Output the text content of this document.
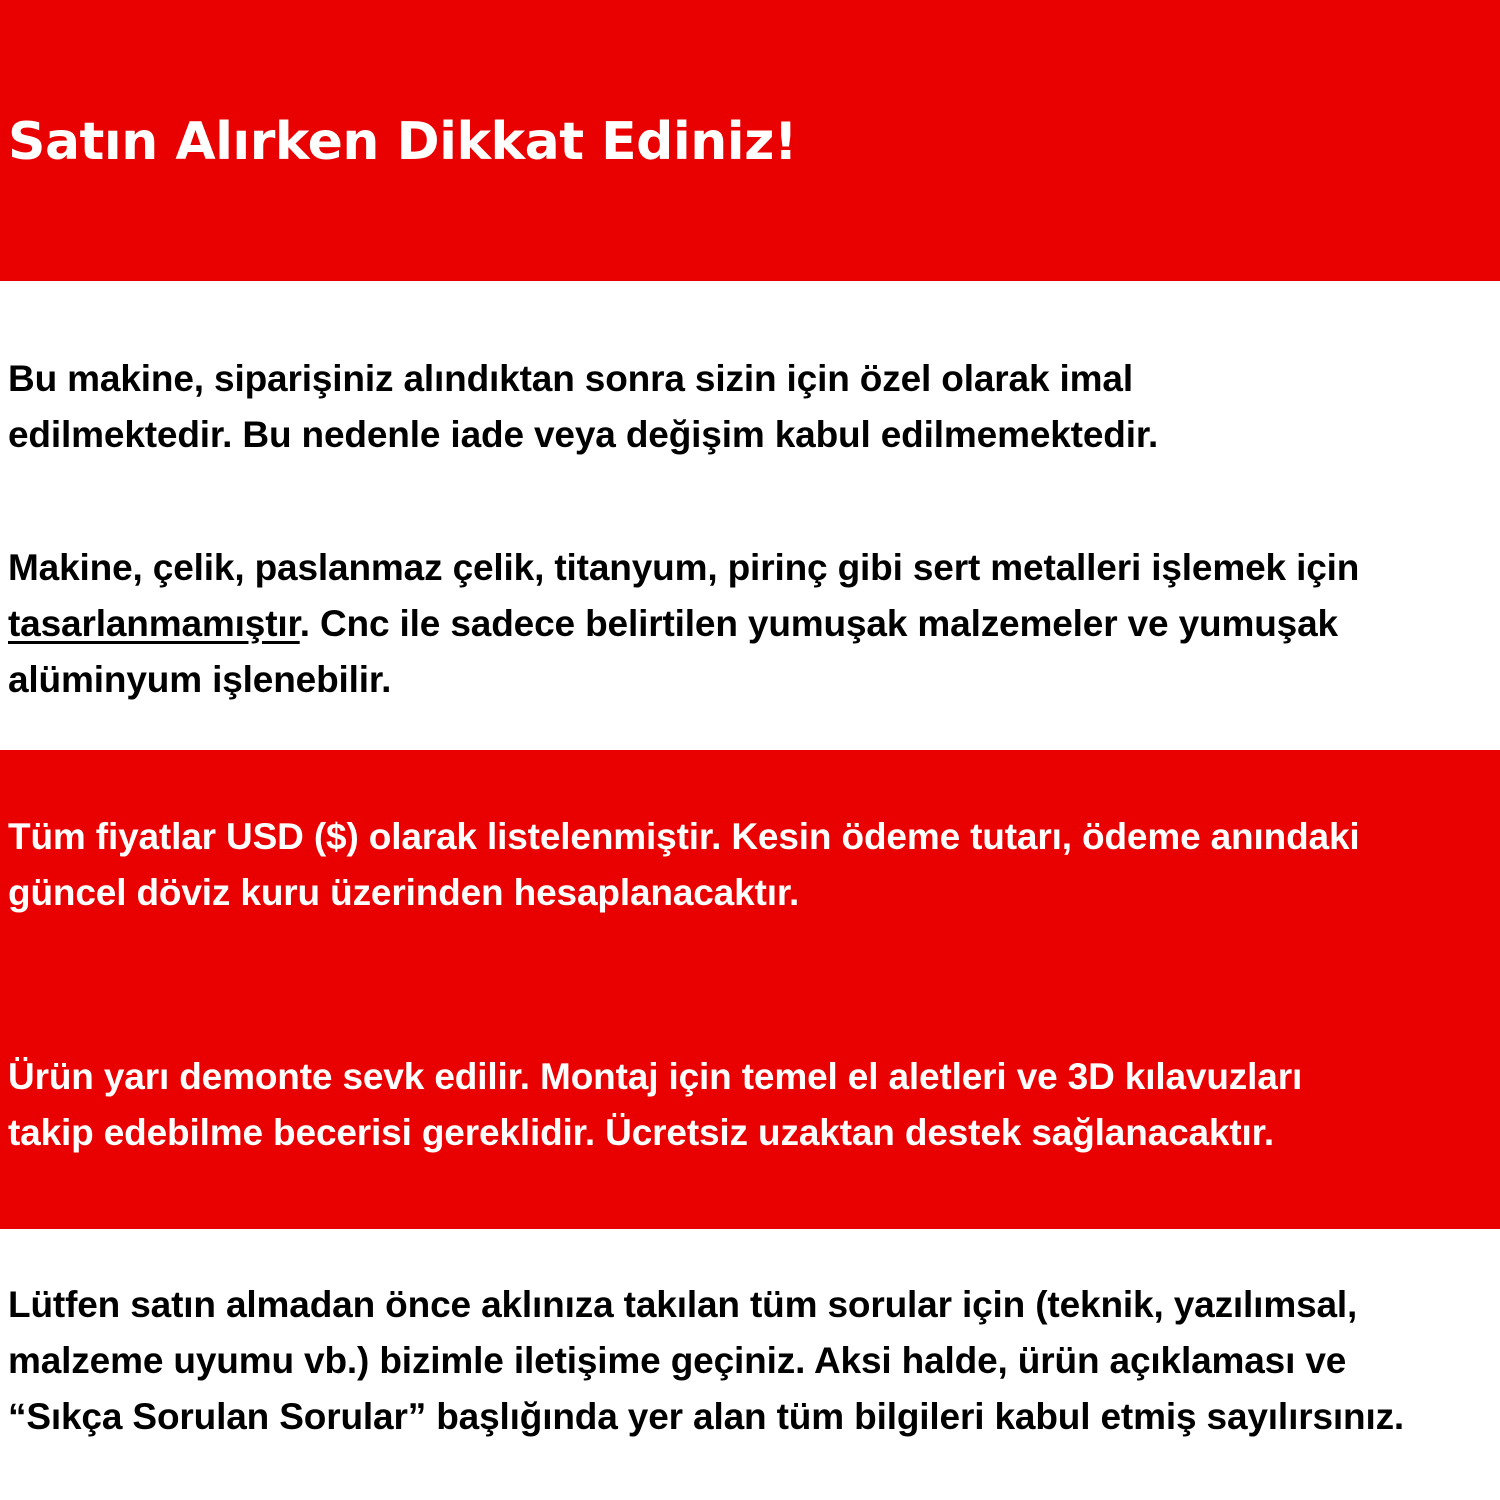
Satın Alırken Dikkat Ediniz!

Bu makine, siparişiniz alındıktan sonra sizin için özel olarak imal
edilmektedir. Bu nedenle iade veya değişim kabul edilmemektedir.

Makine, çelik, paslanmaz çelik, titanyum, pirinç gibi sert metalleri işlemek için
tasarlanmamıştır. Cnc ile sadece belirtilen yumuşak malzemeler ve yumuşak
alüminyum işlenebilir.

Tüm fiyatlar USD ($) olarak listelenmiştir. Kesin ödeme tutarı, ödeme anındaki
güncel döviz kuru üzerinden hesaplanacaktır.

Ürün yarı demonte sevk edilir. Montaj için temel el aletleri ve 3D kılavuzları
takip edebilme becerisi gereklidir. Ücretsiz uzaktan destek sağlanacaktır.

Lütfen satın almadan önce aklınıza takılan tüm sorular için (teknik, yazılımsal,
malzeme uyumu vb.) bizimle iletişime geçiniz. Aksi halde, ürün açıklaması ve
“Sıkça Sorulan Sorular” başlığında yer alan tüm bilgileri kabul etmiş sayılırsınız.
